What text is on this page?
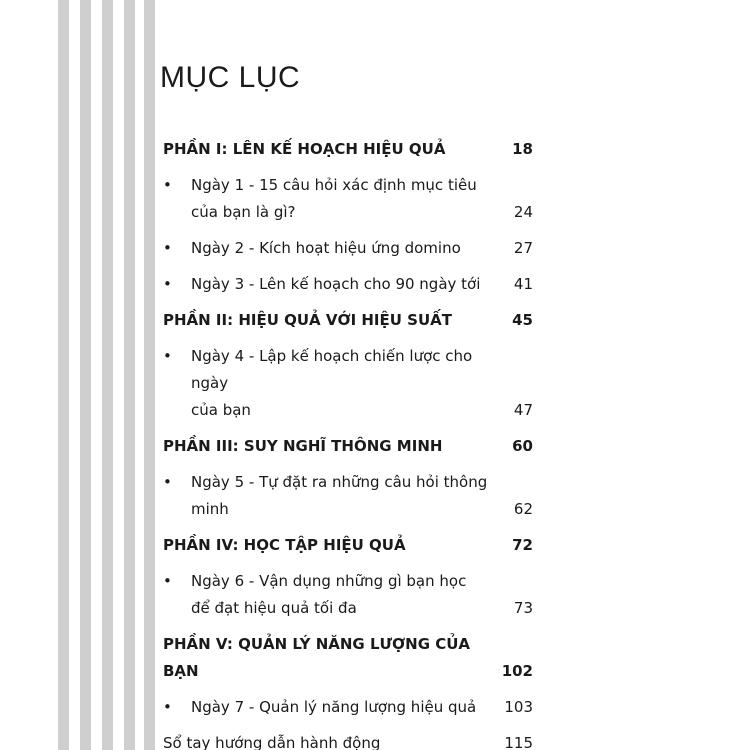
MỤC LỤC
PHẦN I: LÊN KẾ HOẠCH HIỆU QUẢ	18
•	Ngày 1 - 15 câu hỏi xác định mục tiêu
của bạn là gì?	24
•	Ngày 2 - Kích hoạt hiệu ứng domino	27
•	Ngày 3 - Lên kế hoạch cho 90 ngày tới	41
PHẦN II: HIỆU QUẢ VỚI HIỆU SUẤT	45
•	Ngày 4 - Lập kế hoạch chiến lược cho ngày
của bạn	47
PHẦN III: SUY NGHĨ THÔNG MINH	60
•	Ngày 5 - Tự đặt ra những câu hỏi thông minh	62
PHẦN IV: HỌC TẬP HIỆU QUẢ	72
•	Ngày 6 - Vận dụng những gì bạn học
để đạt hiệu quả tối đa	73
PHẦN V: QUẢN LÝ NĂNG LƯỢNG CỦA BẠN	102
•	Ngày 7 - Quản lý năng lượng hiệu quả	103
Sổ tay hướng dẫn hành động	115
